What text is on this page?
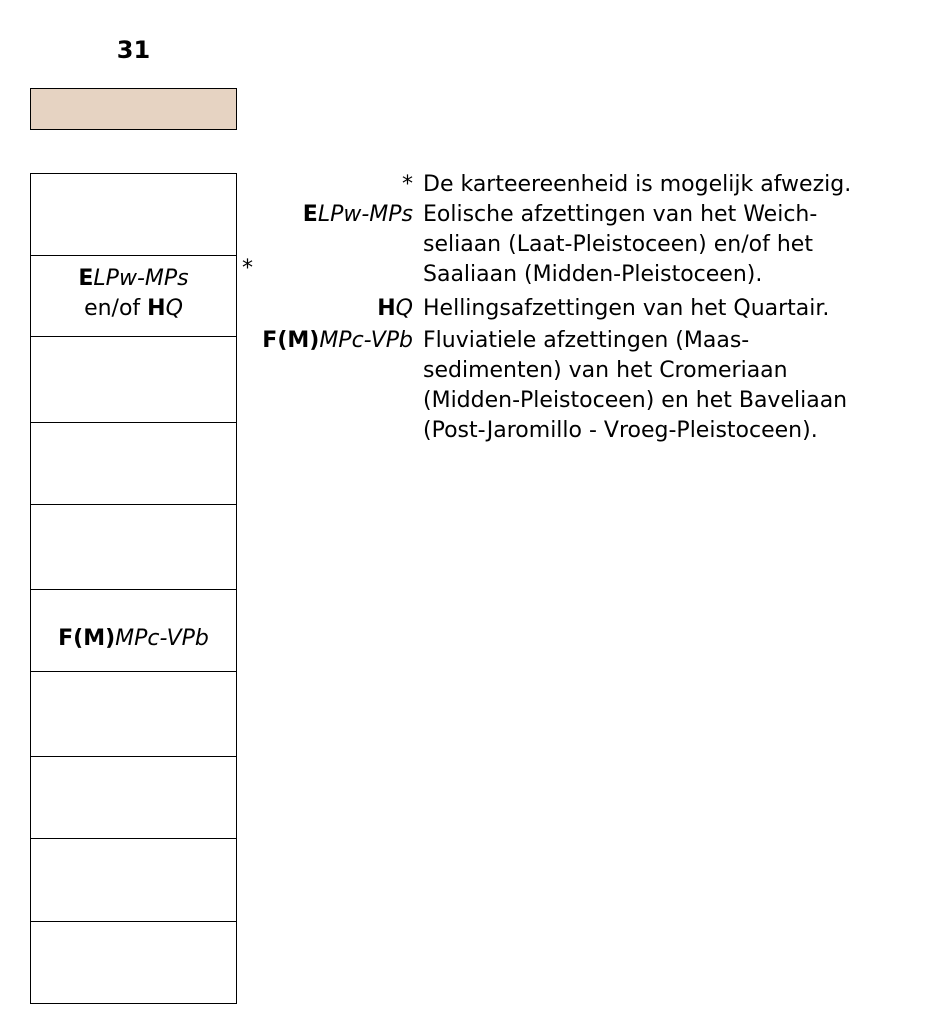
31
ELPw-MPs
en/of HQ
F(M)MPc-VPb
*
* De karteereenheid is mogelijk afwezig.
ELPw-MPs Eolische afzettingen van het Weich-
seliaan (Laat-Pleistoceen) en/of het
Saaliaan (Midden-Pleistoceen).
HQ Hellingsafzettingen van het Quartair.
F(M)MPc-VPb Fluviatiele afzettingen (Maas-
sedimenten) van het Cromeriaan
(Midden-Pleistoceen) en het Baveliaan
(Post-Jaromillo - Vroeg-Pleistoceen).
